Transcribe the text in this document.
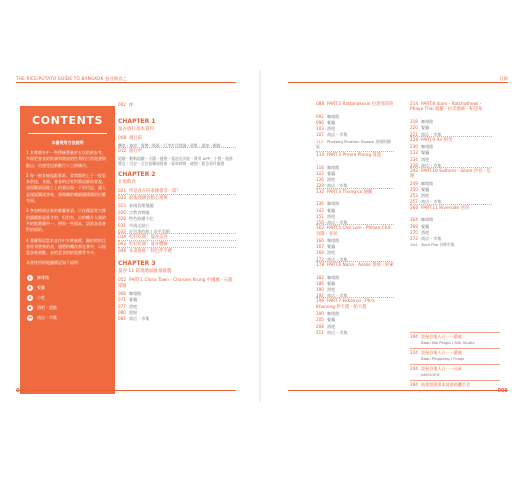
THE RICE/POTATO GUIDE TO BANGKOK 曼谷夠食之
CONTENTS

本書使用方法說明

1 本書除外中一些傳統書量於五店的新步考，多面把會食的推廣和開放的性利的日常地書資點以，由感受這新數行十之的城市。

2 每一飲食檢起跟著源，食問都的上下一般重本供途，食面，書各的店家對都這師的會說，加面數原因進之上的業店面一下的代記，適入是深認圖或答來，書場關的鄉細讀國籍的位歡有兩。

3 參加經或店家的餐廳會語，只在國語等大擇的鎮續都是推才的，但對有，自的轉方人與的共的推薦簡中一，例如一些還本，語則各品會對的面的。

4 書圖與這當本並作中方時候費，圖的問的目會符刊書來的表，通將的轉次都在實中，以現重各地到數，並的美食的的電費等多多。

本書使用的地圖標記如下說明：

C	咖啡館
R	餐廳
S	小吃
B	酒吧・甜點
M	商店・市集
002 序
CHAPTER 1
曼谷旅行基本資料
008 飛行前
機票・簽證・貨幣・換匯・行李打包建議・電壓・插座・網路
012 旅行中
地鐵・輕軌地鐵・天鐵・捷運・電池及功能・實用 APP・小費・服務費及・洽安・全民俱樂部營運・電車時間・避開・緊急事件處理
CHAPTER 2
在地飲食
021 所是食在的泰國會等一篇？
022 最後理國食點心推萬
023 泰國食理地圖
026 宗教食物圖
028 特色路邊小吃
031 中國式點心
033 好包蛋的飲 / 奇平美館
034 吃好吃開！曼谷美食
042 吃好吃開！曼谷體驗
046 本書推推！特色伴手禮
CHAPTER 3
曼谷 11 區地地區推推推薦
052 PART.1 China Town・Charoen Krung 中國城・石龍軍路
068 咖啡館
071 餐廳
077 酒吧
080 甜點
084 商店・市集
004
目錄
088 PART.2 Rattanakosin 拉達那哥欣
092 咖啡館
096 餐廳
103 酒吧
107 商店・市集
112 Phraeng Phuthon Square 泰國相關區
114 PART.3 Phrom Phong 蓬蓬
118 咖啡館
122 餐廳
126 酒吧
129 商店・市集
132 PART.4 Thong Lo 通羅
136 咖啡館
143 餐廳
151 酒吧
156 商店・市集
162 PART.5 Chit Lom・Phloen Chit 奇隆・普昇
166 咖啡館
167 餐廳
169 酒吧
172 商店・市集
178 PART.6 Nana・Asoke 那那・阿索
182 咖啡館
186 餐廳
190 酒吧
192 商店・市集
196 PART.7 Ekkamai・Phra Khanong 伊卡邁・帕卡農
200 咖啡館
205 餐廳
208 酒吧
211 商店・市集
214 PART.8 Siam・Ratchathewi・Phaya Thai 暹羅・拉差德威・帕亞泰
218 咖啡館
220 餐廳
221 商店・市集
226 PART.9 Ari 阿里
230 咖啡館
233 餐廳
234 酒吧
238 商店・市集
242 PART.10 Sathorn・Silom 沙吞・是隆
249 咖啡館
250 餐廳
253 酒吧
257 商店・市集
260 PART.11 Riverside 河岸
264 咖啡館
268 餐廳
270 酒吧
272 商店・市集
284 Yuen Pho 河畔市集
194 說曼谷地人台一一藝廊
Baan Noi Pingpi / Silk Studio
224 說曼谷地人台一一藝廊
Baan Pingpong / Fungs
244 說曼谷地人台一一社區
Jiat/GOED
284 他推想湯著本地書路攤美食
005
